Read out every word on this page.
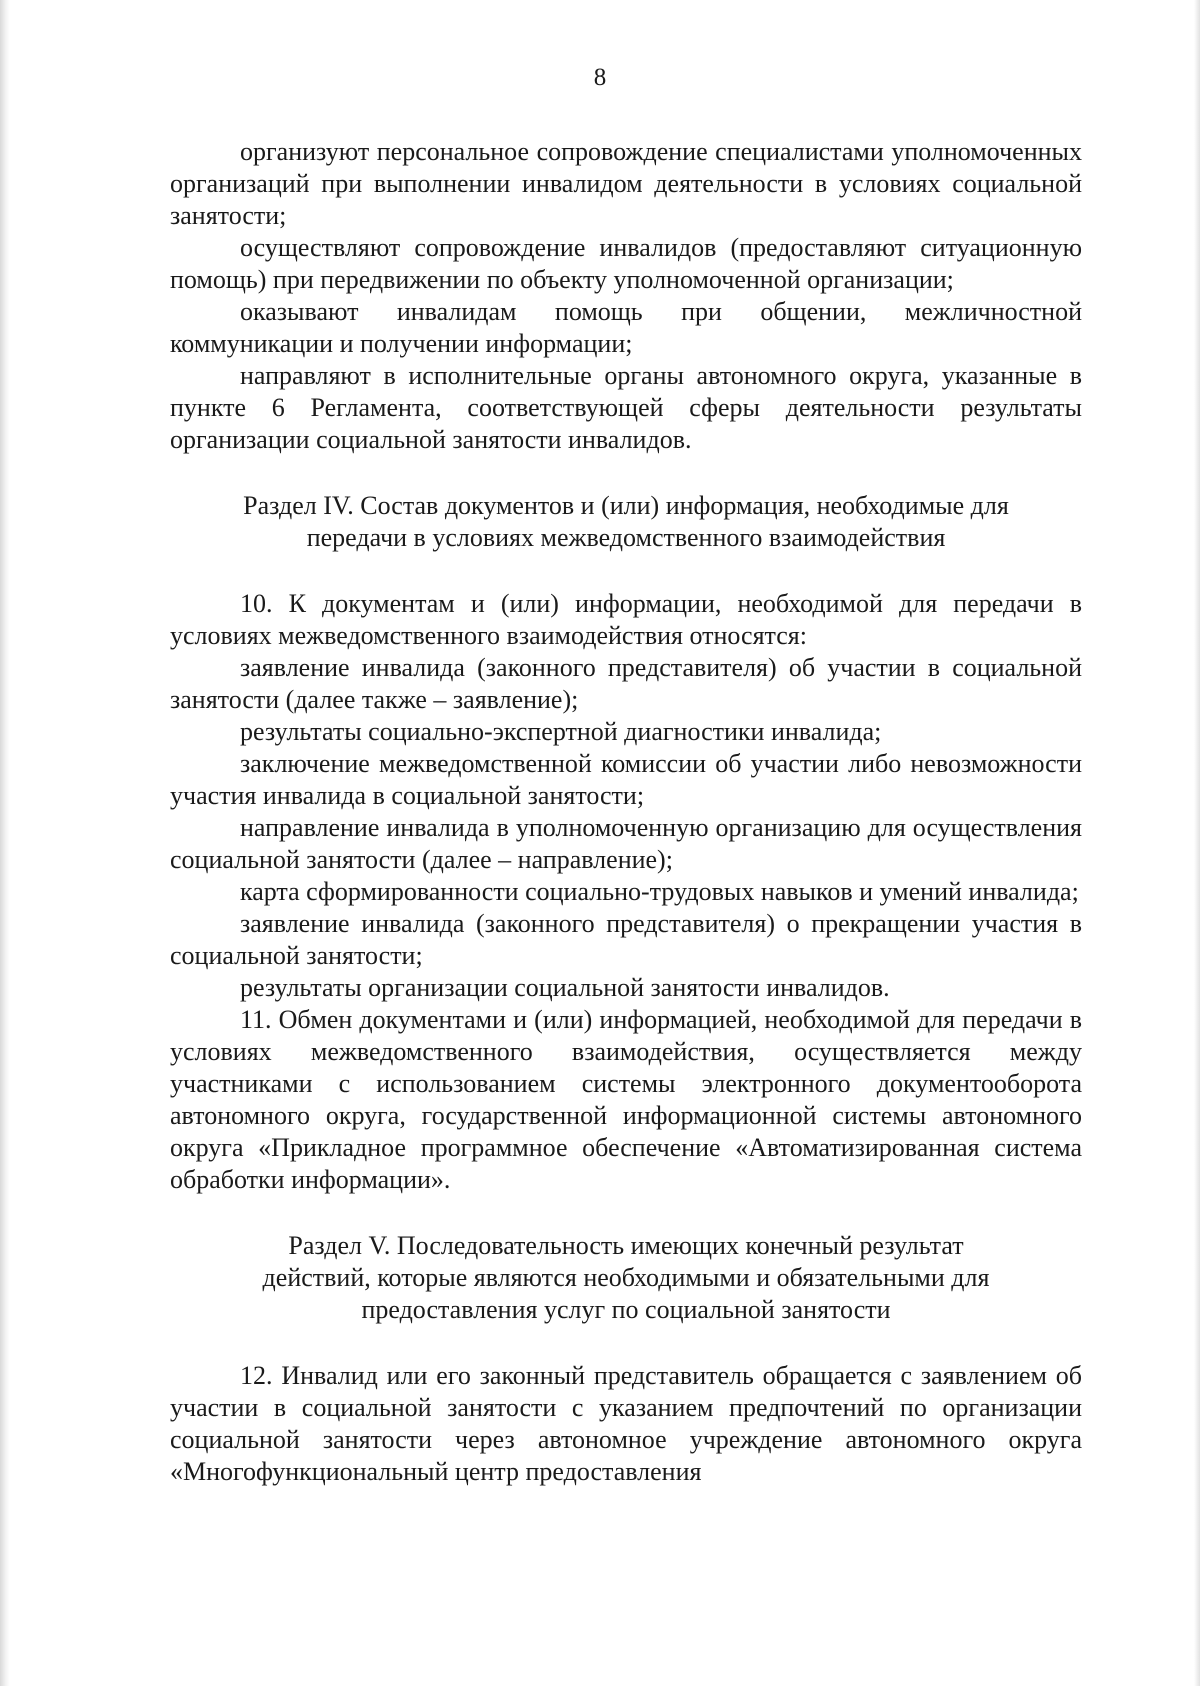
8

организуют персональное сопровождение специалистами уполномоченных организаций при выполнении инвалидом деятельности в условиях социальной занятости;

осуществляют сопровождение инвалидов (предоставляют ситуационную помощь) при передвижении по объекту уполномоченной организации;

оказывают инвалидам помощь при общении, межличностной коммуникации и получении информации;

направляют в исполнительные органы автономного округа, указанные в пункте 6 Регламента, соответствующей сферы деятельности результаты организации социальной занятости инвалидов.

Раздел IV. Состав документов и (или) информация, необходимые для
передачи в условиях межведомственного взаимодействия

10. К документам и (или) информации, необходимой для передачи в условиях межведомственного взаимодействия относятся:

заявление инвалида (законного представителя) об участии в социальной занятости (далее также – заявление);

результаты социально-экспертной диагностики инвалида;

заключение межведомственной комиссии об участии либо невозможности участия инвалида в социальной занятости;

направление инвалида в уполномоченную организацию для осуществления социальной занятости (далее – направление);

карта сформированности социально-трудовых навыков и умений инвалида;

заявление инвалида (законного представителя) о прекращении участия в социальной занятости;

результаты организации социальной занятости инвалидов.

11. Обмен документами и (или) информацией, необходимой для передачи в условиях межведомственного взаимодействия, осуществляется между участниками с использованием системы электронного документооборота автономного округа, государственной информационной системы автономного округа «Прикладное программное обеспечение «Автоматизированная система обработки информации».

Раздел V. Последовательность имеющих конечный результат
действий, которые являются необходимыми и обязательными для
предоставления услуг по социальной занятости

12. Инвалид или его законный представитель обращается с заявлением об участии в социальной занятости с указанием предпочтений по организации социальной занятости через автономное учреждение автономного округа «Многофункциональный центр предоставления
